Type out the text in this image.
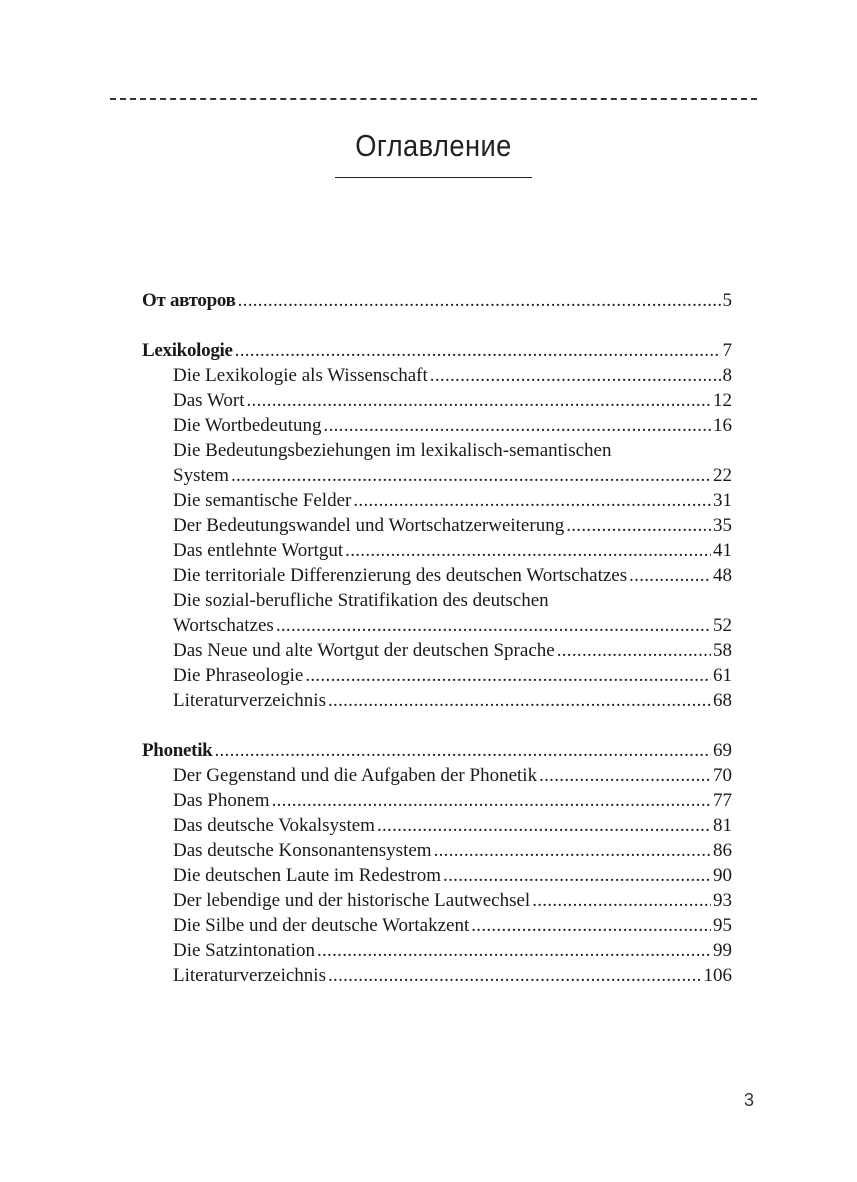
Оглавление
От авторов .....	5
Lexikologie .....	7
Die Lexikologie als Wissenschaft .....	8
Das Wort .....	12
Die Wortbedeutung .....	16
Die Bedeutungsbeziehungen im lexikalisch-semantischen
System .....	22
Die semantische Felder .....	31
Der Bedeutungswandel und Wortschatzerweiterung .....	35
Das entlehnte Wortgut .....	41
Die territoriale Differenzierung des deutschen Wortschatzes .....	48
Die sozial-berufliche Stratifikation des deutschen
Wortschatzes .....	52
Das Neue und alte Wortgut der deutschen Sprache .....	58
Die Phraseologie .....	61
Literaturverzeichnis .....	68
Phonetik .....	69
Der Gegenstand und die Aufgaben der Phonetik .....	70
Das Phonem .....	77
Das deutsche Vokalsystem .....	81
Das deutsche Konsonantensystem .....	86
Die deutschen Laute im Redestrom .....	90
Der lebendige und der historische Lautwechsel .....	93
Die Silbe und der deutsche Wortakzent .....	95
Die Satzintonation .....	99
Literaturverzeichnis .....	106
3
